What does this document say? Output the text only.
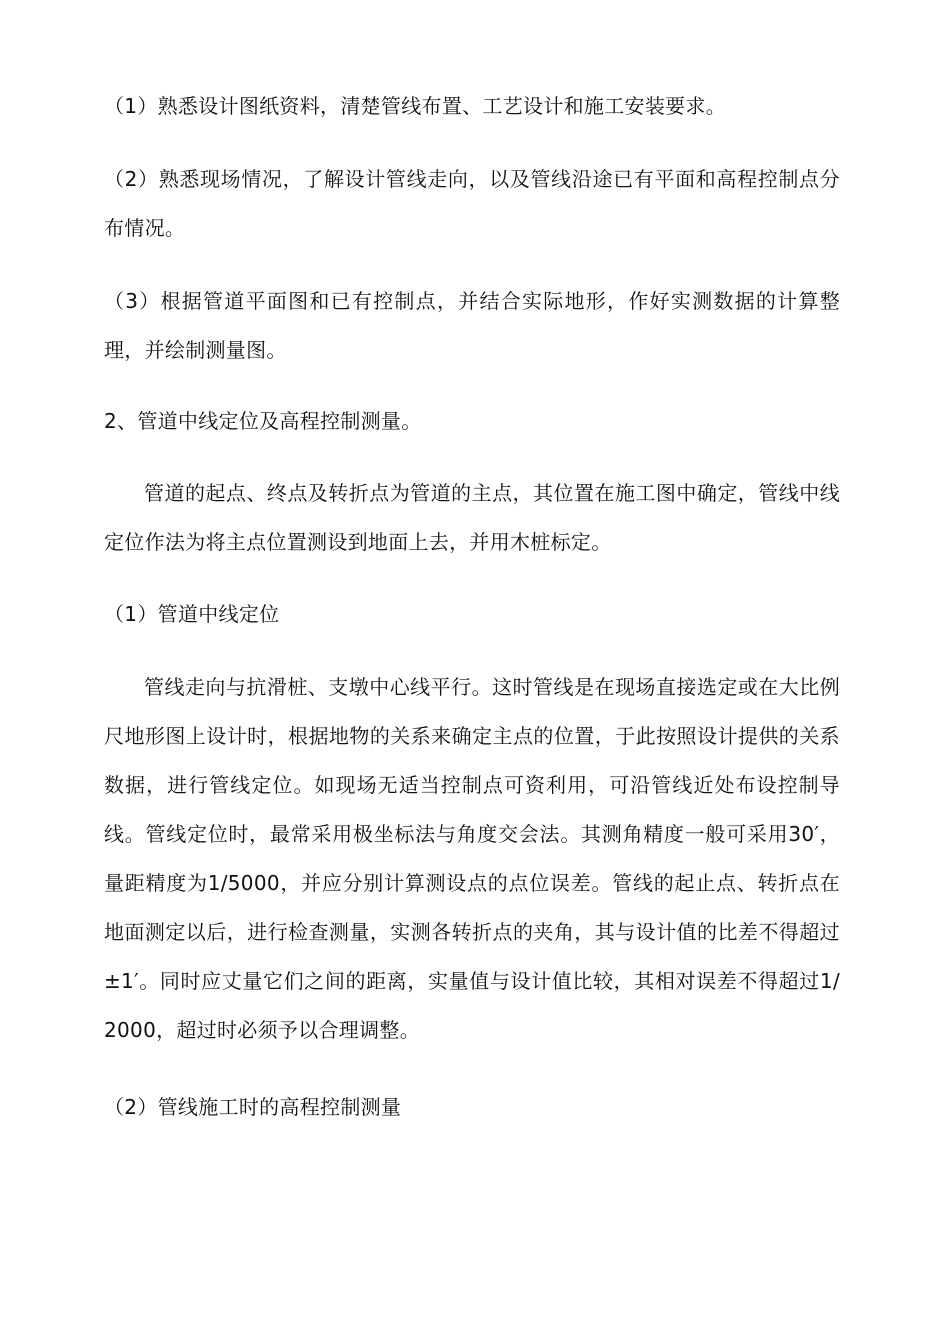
（1）熟悉设计图纸资料，清楚管线布置、工艺设计和施工安装要求。

（2）熟悉现场情况，了解设计管线走向，以及管线沿途已有平面和高程控制点分布情况。

（3）根据管道平面图和已有控制点，并结合实际地形，作好实测数据的计算整理，并绘制测量图。

2、管道中线定位及高程控制测量。

管道的起点、终点及转折点为管道的主点，其位置在施工图中确定，管线中线定位作法为将主点位置测设到地面上去，并用木桩标定。

（1）管道中线定位

管线走向与抗滑桩、支墩中心线平行。这时管线是在现场直接选定或在大比例尺地形图上设计时，根据地物的关系来确定主点的位置，于此按照设计提供的关系数据，进行管线定位。如现场无适当控制点可资利用，可沿管线近处布设控制导线。管线定位时，最常采用极坐标法与角度交会法。其测角精度一般可采用30′，量距精度为1/5000，并应分别计算测设点的点位误差。管线的起止点、转折点在地面测定以后，进行检查测量，实测各转折点的夹角，其与设计值的比差不得超过±1′。同时应丈量它们之间的距离，实量值与设计值比较，其相对误差不得超过1/2000，超过时必须予以合理调整。

（2）管线施工时的高程控制测量
